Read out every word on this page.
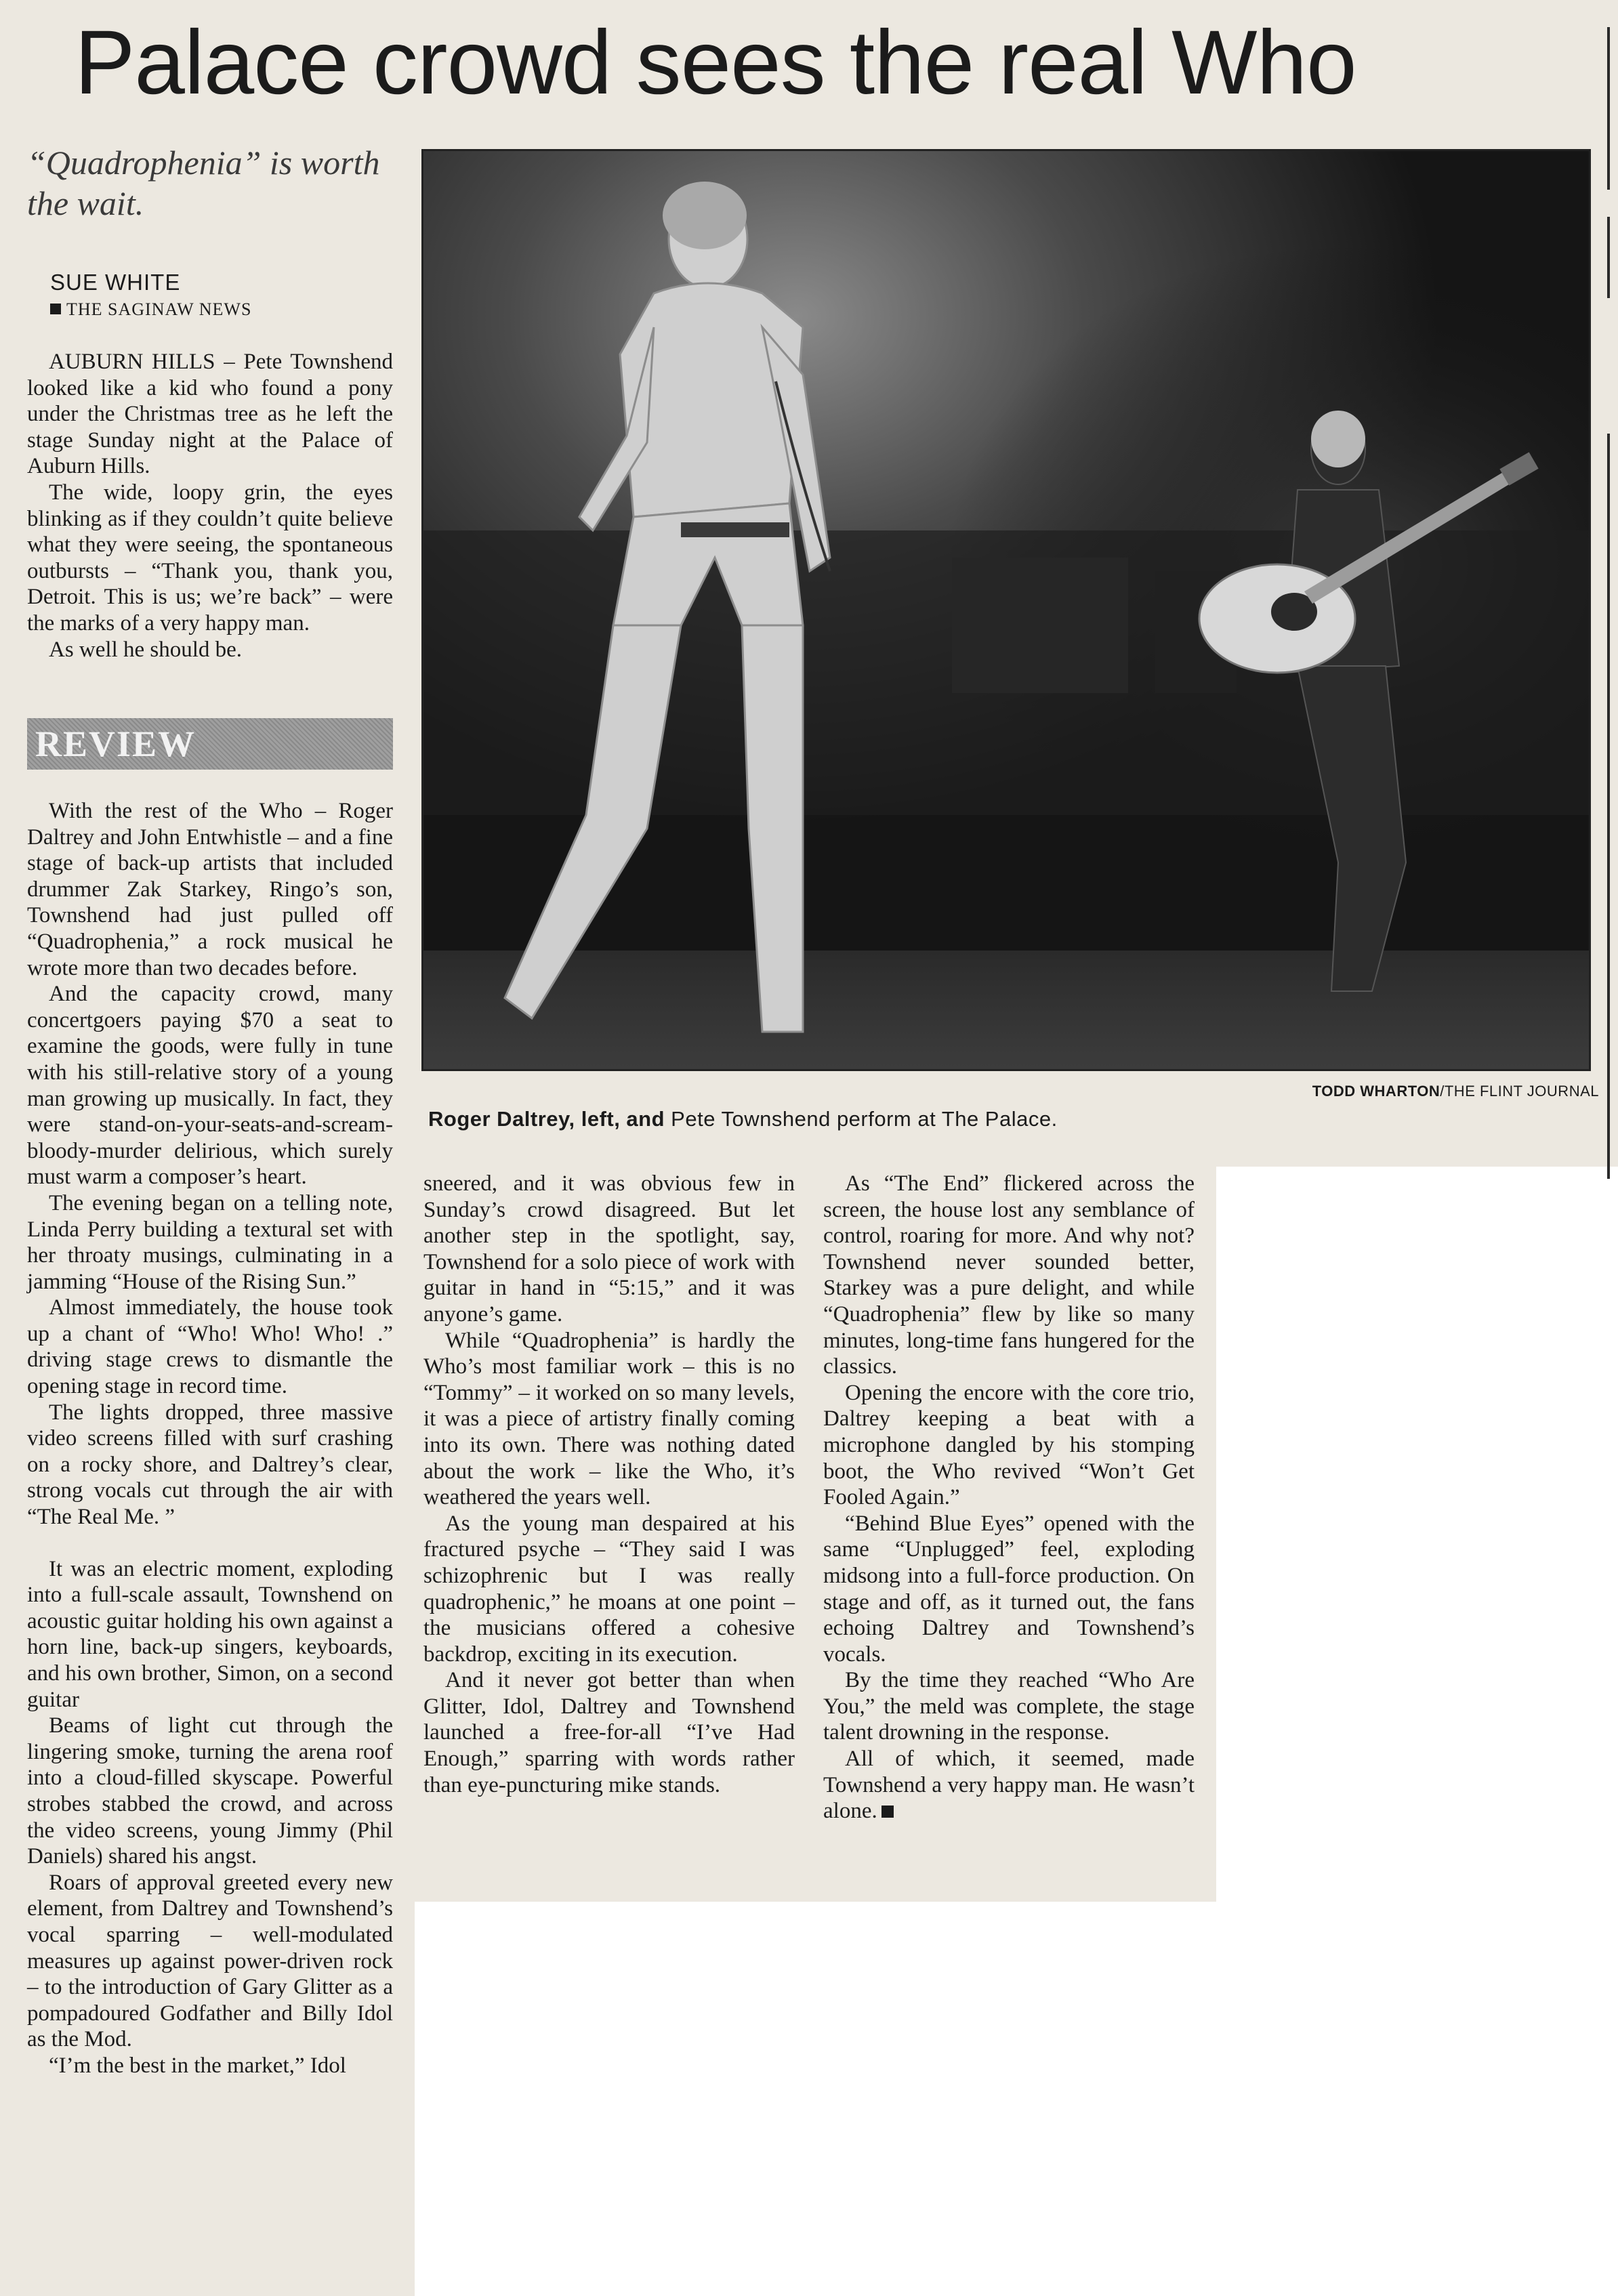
Palace crowd sees the real Who
“Quadrophenia” is worth the wait.
SUE WHITE
THE SAGINAW NEWS

AUBURN HILLS – Pete Townshend looked like a kid who found a pony under the Christmas tree as he left the stage Sunday night at the Palace of Auburn Hills.

The wide, loopy grin, the eyes blinking as if they couldn’t quite believe what they were seeing, the spontaneous outbursts – “Thank you, thank you, Detroit. This is us; we’re back” – were the marks of a very happy man.

As well he should be.

REVIEW

With the rest of the Who – Roger Daltrey and John Entwhistle – and a fine stage of back-up artists that included drummer Zak Starkey, Ringo’s son, Townshend had just pulled off “Quadrophenia,” a rock musical he wrote more than two decades before.

And the capacity crowd, many concertgoers paying $70 a seat to examine the goods, were fully in tune with his still-relative story of a young man growing up musically. In fact, they were stand-on-your-seats-and-scream-bloody-murder delirious, which surely must warm a composer’s heart.

The evening began on a telling note, Linda Perry building a textural set with her throaty musings, culminating in a jamming “House of the Rising Sun.”

Almost immediately, the house took up a chant of “Who! Who! Who! .” driving stage crews to dismantle the opening stage in record time.

The lights dropped, three massive video screens filled with surf crashing on a rocky shore, and Daltrey’s clear, strong vocals cut through the air with “The Real Me. ”

It was an electric moment, exploding into a full-scale assault, Townshend on acoustic guitar holding his own against a horn line, back-up singers, keyboards, and his own brother, Simon, on a second guitar

Beams of light cut through the lingering smoke, turning the arena roof into a cloud-filled skyscape. Powerful strobes stabbed the crowd, and across the video screens, young Jimmy (Phil Daniels) shared his angst.

Roars of approval greeted every new element, from Daltrey and Townshend’s vocal sparring – well-modulated measures up against power-driven rock – to the introduction of Gary Glitter as a pompadoured Godfather and Billy Idol as the Mod.

“I’m the best in the market,” Idol

TODD WHARTON/THE FLINT JOURNAL
Roger Daltrey, left, and Pete Townshend perform at The Palace.

sneered, and it was obvious few in Sunday’s crowd disagreed. But let another step in the spotlight, say, Townshend for a solo piece of work with guitar in hand in “5:15,” and it was anyone’s game.

While “Quadrophenia” is hardly the Who’s most familiar work – this is no “Tommy” – it worked on so many levels, it was a piece of artistry finally coming into its own. There was nothing dated about the work – like the Who, it’s weathered the years well.

As the young man despaired at his fractured psyche – “They said I was schizophrenic but I was really quadrophenic,” he moans at one point – the musicians offered a cohesive backdrop, exciting in its execution.

And it never got better than when Glitter, Idol, Daltrey and Townshend launched a free-for-all “I’ve Had Enough,” sparring with words rather than eye-puncturing mike stands.

As “The End” flickered across the screen, the house lost any semblance of control, roaring for more. And why not? Townshend never sounded better, Starkey was a pure delight, and while “Quadrophenia” flew by like so many minutes, long-time fans hungered for the classics.

Opening the encore with the core trio, Daltrey keeping a beat with a microphone dangled by his stomping boot, the Who revived “Won’t Get Fooled Again.”

“Behind Blue Eyes” opened with the same “Unplugged” feel, exploding midsong into a full-force production. On stage and off, as it turned out, the fans echoing Daltrey and Townshend’s vocals.

By the time they reached “Who Are You,” the meld was complete, the stage talent drowning in the response.

All of which, it seemed, made Townshend a very happy man. He wasn’t alone.
